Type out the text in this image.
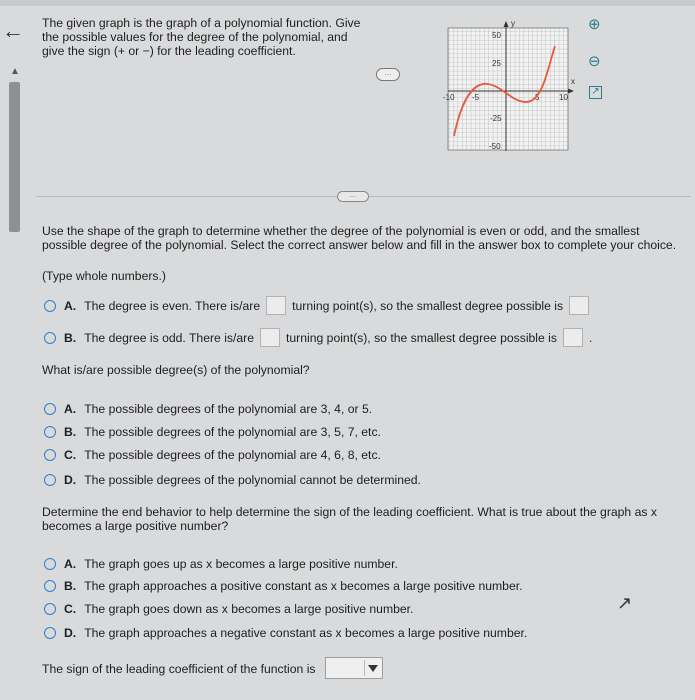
←
▲
The given graph is the graph of a polynomial function. Give the possible values for the degree of the polynomial, and give the sign (+ or −) for the leading coefficient.
…
y
x
50
25
-25
-50
-10 -5	5 10
⊕
⊖
↗
…
Use the shape of the graph to determine whether the degree of the polynomial is even or odd, and the smallest possible degree of the polynomial. Select the correct answer below and fill in the answer box to complete your choice.
(Type whole numbers.)
A. The degree is even. There is/are	turning point(s), so the smallest degree possible is
B. The degree is odd. There is/are	turning point(s), so the smallest degree possible is	.
What is/are possible degree(s) of the polynomial?
A. The possible degrees of the polynomial are 3, 4, or 5.
B. The possible degrees of the polynomial are 3, 5, 7, etc.
C. The possible degrees of the polynomial are 4, 6, 8, etc.
D. The possible degrees of the polynomial cannot be determined.
Determine the end behavior to help determine the sign of the leading coefficient. What is true about the graph as x becomes a large positive number?
A. The graph goes up as x becomes a large positive number.
B. The graph approaches a positive constant as x becomes a large positive number.
C. The graph goes down as x becomes a large positive number.
D. The graph approaches a negative constant as x becomes a large positive number.
The sign of the leading coefficient of the function is
↗
